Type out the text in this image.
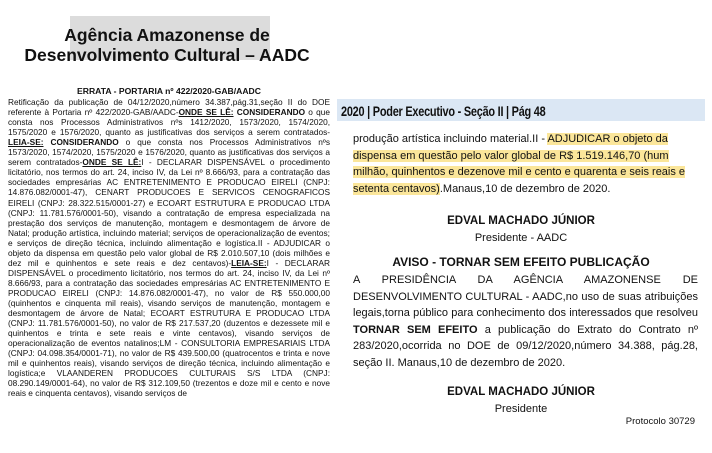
Agência Amazonense de
Desenvolvimento Cultural – AADC
ERRATA - PORTARIA nº 422/2020-GAB/AADC
Retificação da publicação de 04/12/2020,número 34.387,pág.31,seção II do DOE referente à Portaria nº 422/2020-GAB/AADC-ONDE SE LÊ: CONSIDERANDO o que consta nos Processos Administrativos nºs 1412/2020, 1573/2020, 1574/2020, 1575/2020 e 1576/2020, quanto as justificativas dos serviços a serem contratados-LEIA-SE: CONSIDERANDO o que consta nos Processos Administrativos nºs 1573/2020, 1574/2020, 1575/2020 e 1576/2020, quanto as justificativas dos serviços a serem contratados-ONDE SE LÊ:I - DECLARAR DISPENSÁVEL o procedimento licitatório, nos termos do art. 24, inciso IV, da Lei nº 8.666/93, para a contratação das sociedades empresárias AC ENTRETENIMENTO E PRODUCAO EIRELI (CNPJ: 14.876.082/0001-47), CENART PRODUCOES E SERVICOS CENOGRAFICOS EIRELI (CNPJ: 28.322.515/0001-27) e ECOART ESTRUTURA E PRODUCAO LTDA (CNPJ: 11.781.576/0001-50), visando a contratação de empresa especializada na prestação dos serviços de manutenção, montagem e desmontagem de árvore de Natal; produção artística, incluindo material; serviços de operacionalização de eventos; e serviços de direção técnica, incluindo alimentação e logística.II - ADJUDICAR o objeto da dispensa em questão pelo valor global de R$ 2.010.507,10 (dois milhões e dez mil e quinhentos e sete reais e dez centavos)-LEIA-SE:I - DECLARAR DISPENSÁVEL o procedimento licitatório, nos termos do art. 24, inciso IV, da Lei nº 8.666/93, para a contratação das sociedades empresárias AC ENTRETENIMENTO E PRODUCAO EIRELI (CNPJ: 14.876.082/0001-47), no valor de R$ 550.000,00 (quinhentos e cinquenta mil reais), visando serviços de manutenção, montagem e desmontagem de árvore de Natal; ECOART ESTRUTURA E PRODUCAO LTDA (CNPJ: 11.781.576/0001-50), no valor de R$ 217.537,20 (duzentos e dezessete mil e quinhentos e trinta e sete reais e vinte centavos), visando serviços de operacionalização de eventos natalinos;LM - CONSULTORIA EMPRESARIAIS LTDA (CNPJ: 04.098.354/0001-71), no valor de R$ 439.500,00 (quatrocentos e trinta e nove mil e quinhentos reais), visando serviços de direção técnica, incluindo alimentação e logística;e VLAANDEREN PRODUCOES CULTURAIS S/S LTDA (CNPJ: 08.290.149/0001-64), no valor de R$ 312.109,50 (trezentos e doze mil e cento e nove reais e cinquenta centavos), visando serviços de
2020 | Poder Executivo - Seção II | Pág 48
produção artística incluindo material.II - ADJUDICAR o objeto da dispensa em questão pelo valor global de R$ 1.519.146,70 (hum milhão, quinhentos e dezenove mil e cento e quarenta e seis reais e setenta centavos).Manaus,10 de dezembro de 2020.
EDVAL MACHADO JÚNIOR
Presidente - AADC
AVISO - TORNAR SEM EFEITO PUBLICAÇÃO
A PRESIDÊNCIA DA AGÊNCIA AMAZONENSE DE DESENVOLVIMENTO CULTURAL - AADC,no uso de suas atribuições legais,torna público para conhecimento dos interessados que resolveu TORNAR SEM EFEITO a publicação do Extrato do Contrato nº 283/2020,ocorrida no DOE de 09/12/2020,número 34.388, pág.28, seção II. Manaus,10 de dezembro de 2020.
EDVAL MACHADO JÚNIOR
Presidente
Protocolo 30729
